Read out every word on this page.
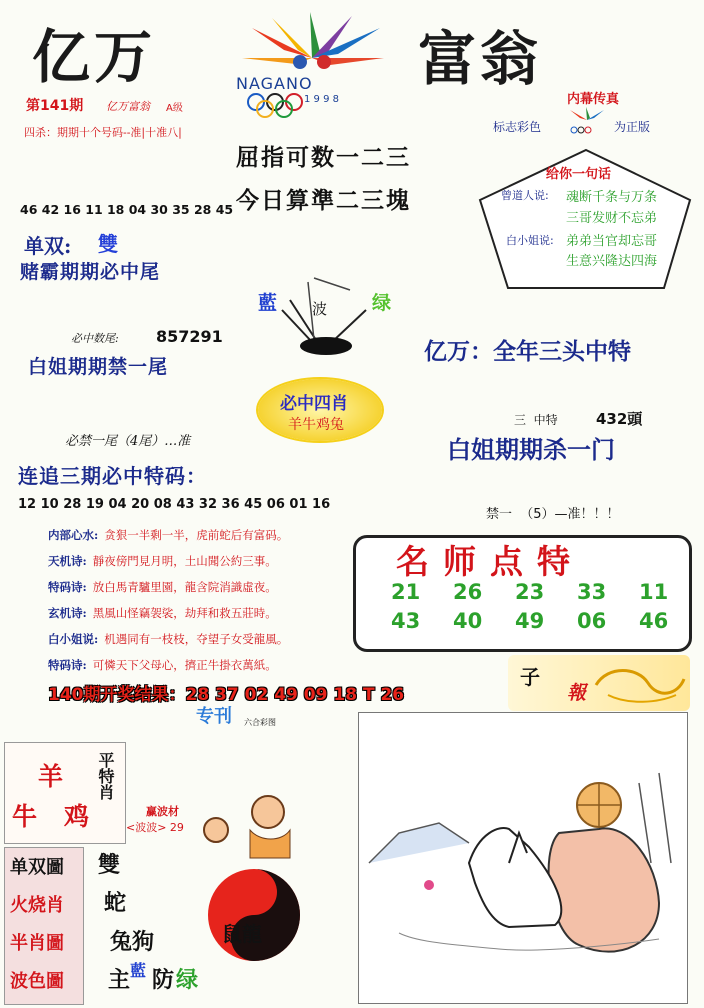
亿万	富翁
NAGANO
1 9 9 8
第141期 亿万富翁 A级
四杀：期期十个号码--准|十准八|
内幕传真
标志彩色	为正版
屈指可数一二三
今日算準二三塊
给你一句话
曾道人说: 魂断千条与万条
三哥发财不忘弟
白小姐说: 弟弟当官却忘哥
生意兴隆达四海
46 42 16 11 18 04 30 35 28 45
单双: 雙
赌霸期期必中尾
藍 波 绿
必中数尾: 857291
白姐期期禁一尾
亿万：全年三头中特
必中四肖
羊牛鸡兔	三  中特	432頭
必禁一尾（4尾）…准	白姐期期杀一门
连追三期必中特码：
12 10 28 19 04 20 08 43 32 36 45 06 01 16
禁一  （5）—准！！！
内部心水: 贪狠一半剩一半，虎前蛇后有富码。
天机诗: 靜夜傍門見月明，土山聞公約三事。
特码诗: 放白馬青驢里園，龍含院消識虛夜。
玄机诗: 黑風山怪竊袈裟，劫拜和救五莊時。
白小姐说: 机遇同有一枝枝，夺望子女受龍風。
特码诗: 可憐天下父母心，擠正牛掛衣萬紙。
名师点特
21 26 23 33 11
43 40 49 06 46
140期开奖结果：28 37 02 49 09 18 T 26
专刊 六合彩图
子
報
羊
牛 鸡
平特肖
赢波材
<波波> 29
单双圖
火烧肖
半肖圖
波色圖
雙
蛇
兔狗
主 藍 防 绿
鼠龍
